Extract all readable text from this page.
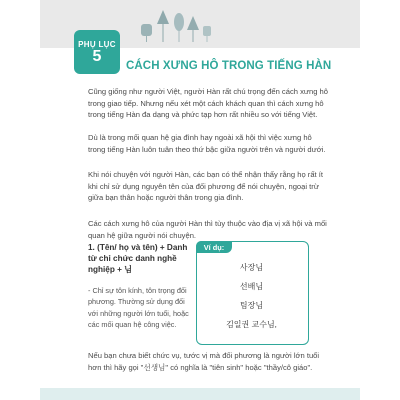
PHỤ LỤC
5
CÁCH XƯNG HÔ TRONG TIẾNG HÀN

Cũng giống như người Việt, người Hàn rất chú trọng đến cách xưng hô trong giao tiếp. Nhưng nếu xét một cách khách quan thì cách xưng hô trong tiếng Hàn đa dạng và phức tạp hơn rất nhiều so với tiếng Việt.

Dù là trong mối quan hệ gia đình hay ngoài xã hội thì việc xưng hô trong tiếng Hàn luôn tuân theo thứ bậc giữa người trên và người dưới.

Khi nói chuyện với người Hàn, các bạn có thể nhận thấy rằng họ rất ít khi chỉ sử dụng nguyên tên của đối phương để nói chuyện, ngoại trừ giữa bạn thân hoặc người thân trong gia đình.

Các cách xưng hô của người Hàn thì tùy thuộc vào địa vị xã hội và mối quan hệ giữa người nói chuyện.

1. (Tên/ họ và tên) + Danh từ chỉ chức danh nghề nghiệp + 님
- Chỉ sự tôn kính, tôn trọng đối phương. Thường sử dụng đối với những người lớn tuổi, hoặc các mối quan hệ công việc.
Ví dụ:
사장님
선배님
팀장님
김일권 교수님,

Nếu bạn chưa biết chức vụ, tước vị mà đối phương là người lớn tuổi hơn thì hãy gọi "선생님" có nghĩa là "tiên sinh" hoặc "thầy/cô giáo".
